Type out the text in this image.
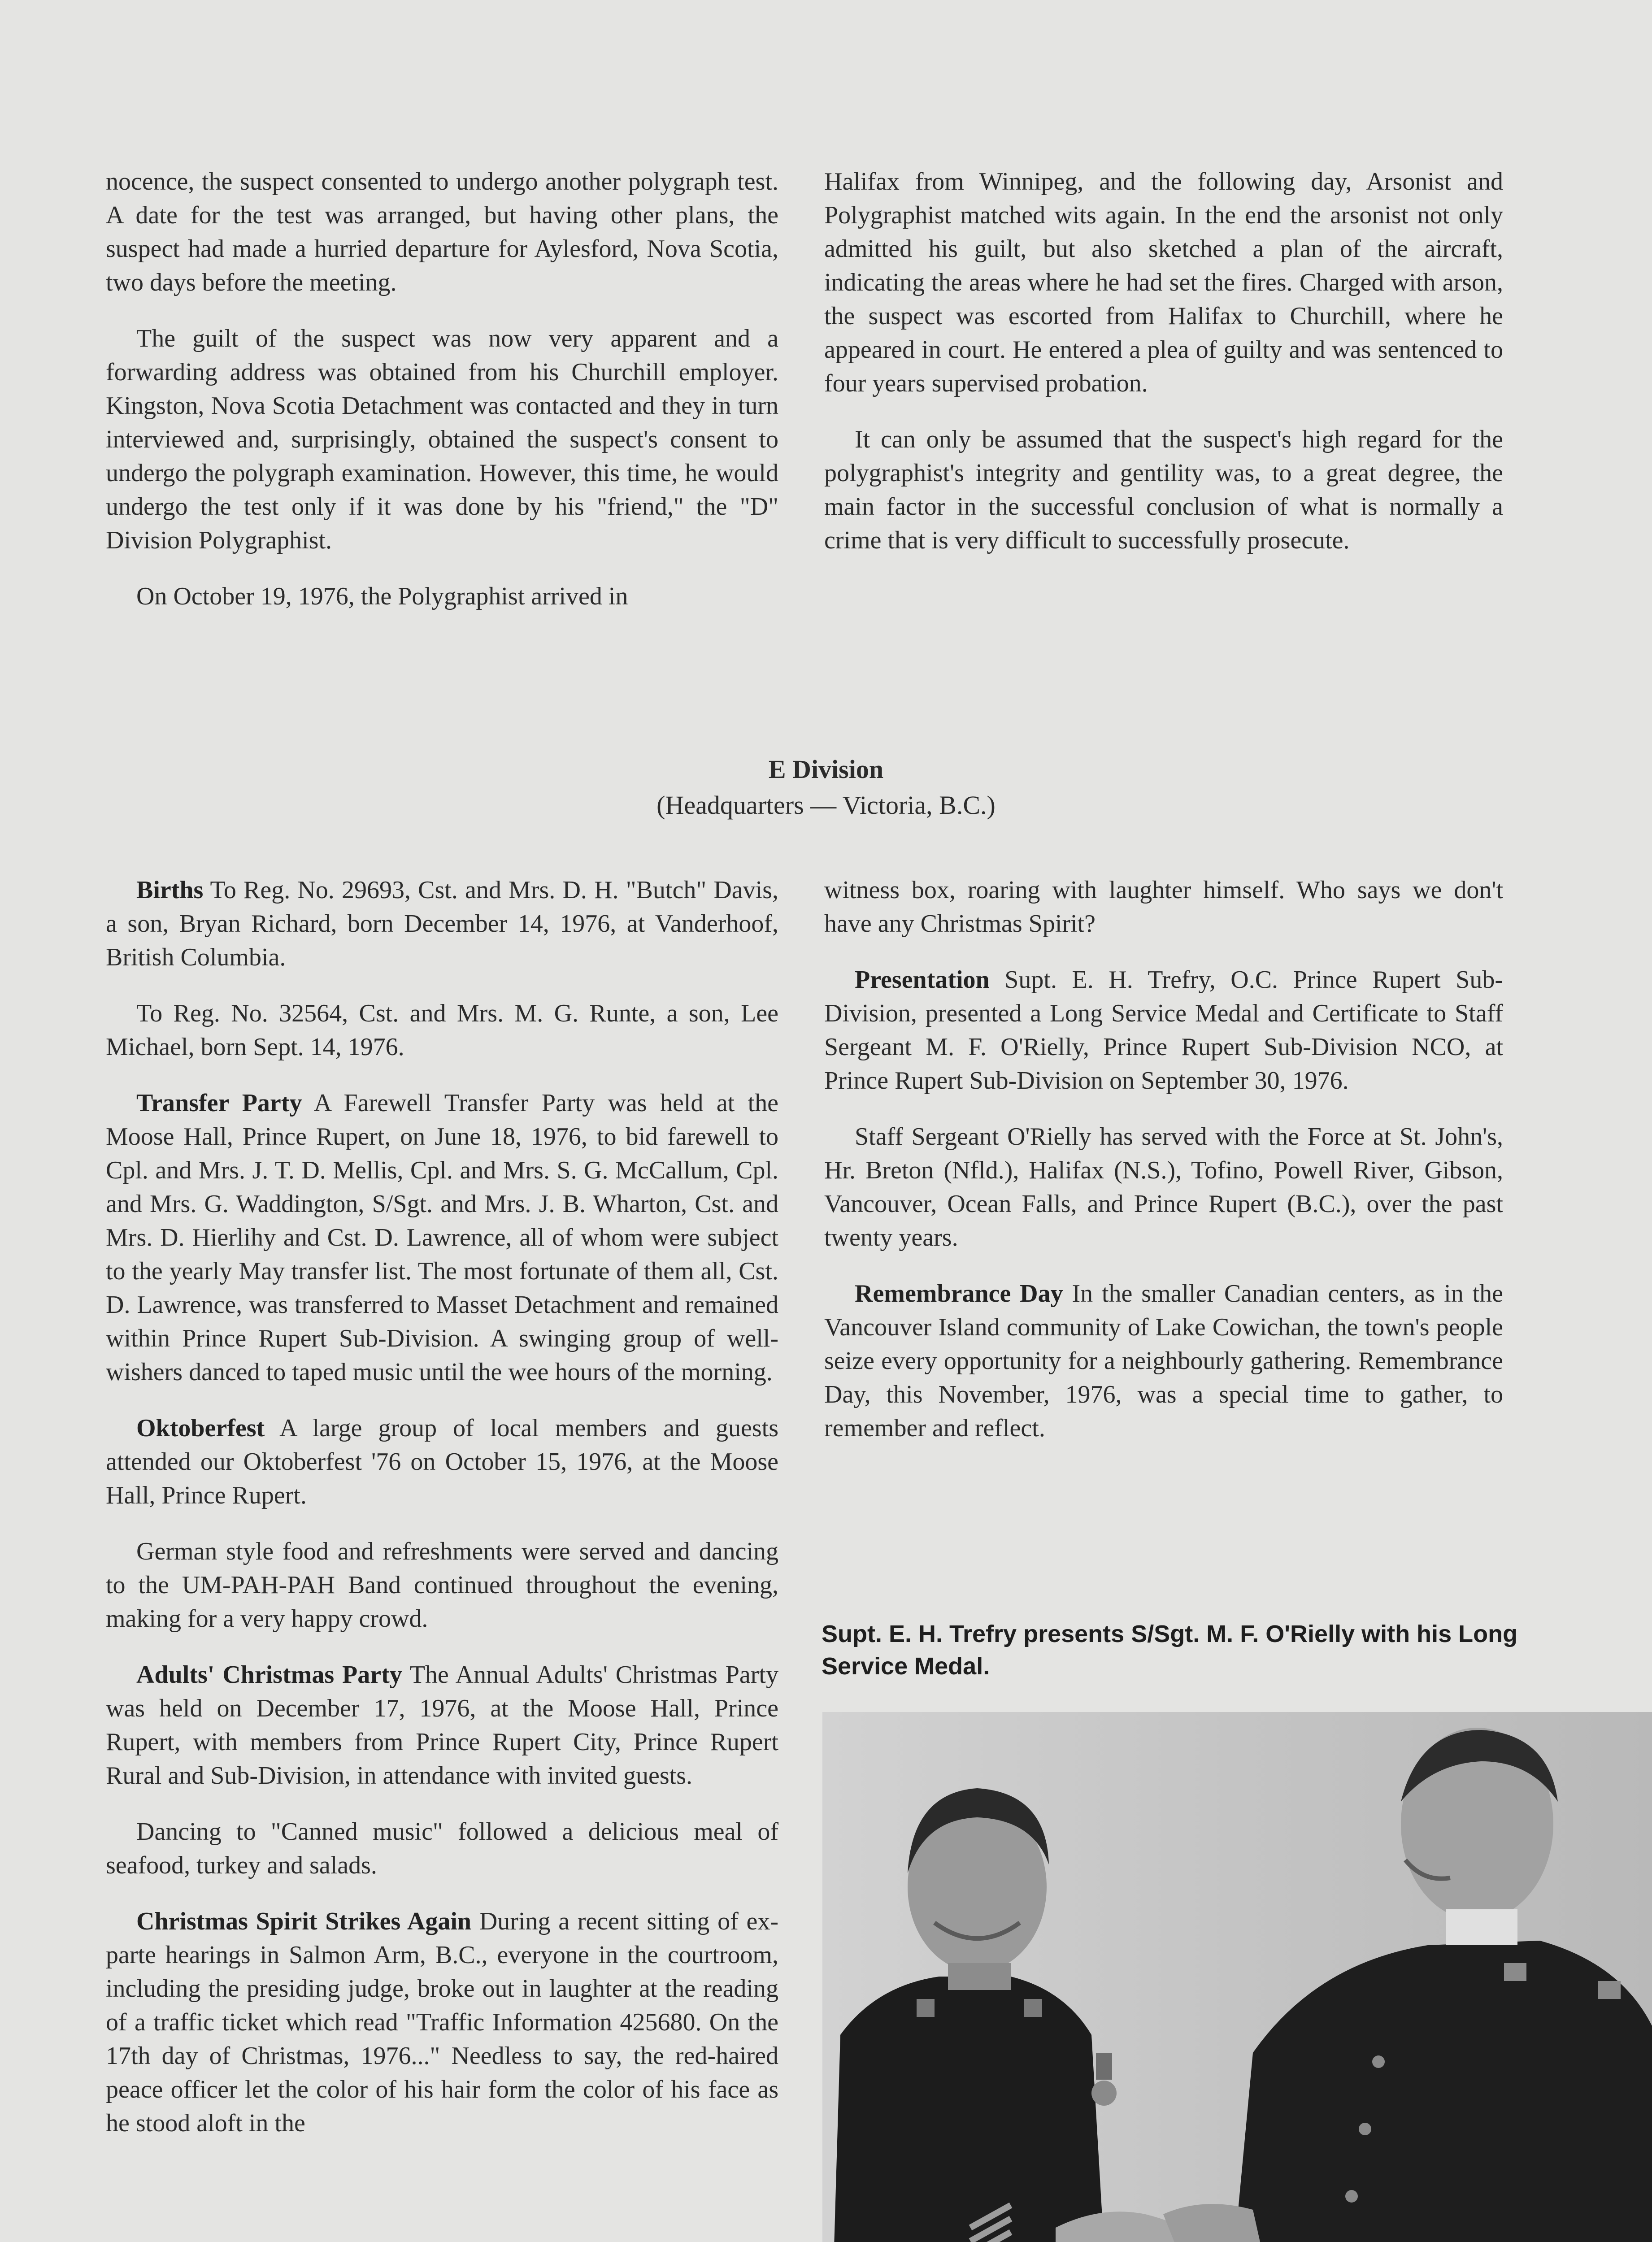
nocence, the suspect consented to undergo another polygraph test. A date for the test was arranged, but having other plans, the suspect had made a hurried departure for Aylesford, Nova Scotia, two days before the meeting.

The guilt of the suspect was now very apparent and a forwarding address was obtained from his Churchill employer. Kingston, Nova Scotia Detachment was contacted and they in turn interviewed and, surprisingly, obtained the suspect's consent to undergo the polygraph examination. However, this time, he would undergo the test only if it was done by his "friend," the "D" Division Polygraphist.

On October 19, 1976, the Polygraphist arrived in

Halifax from Winnipeg, and the following day, Arsonist and Polygraphist matched wits again. In the end the arsonist not only admitted his guilt, but also sketched a plan of the aircraft, indicating the areas where he had set the fires. Charged with arson, the suspect was escorted from Halifax to Churchill, where he appeared in court. He entered a plea of guilty and was sentenced to four years supervised probation.

It can only be assumed that the suspect's high regard for the polygraphist's integrity and gentility was, to a great degree, the main factor in the successful conclusion of what is normally a crime that is very difficult to successfully prosecute.

E Division
(Headquarters — Victoria, B.C.)

Births To Reg. No. 29693, Cst. and Mrs. D. H. "Butch" Davis, a son, Bryan Richard, born December 14, 1976, at Vanderhoof, British Columbia.

To Reg. No. 32564, Cst. and Mrs. M. G. Runte, a son, Lee Michael, born Sept. 14, 1976.

Transfer Party A Farewell Transfer Party was held at the Moose Hall, Prince Rupert, on June 18, 1976, to bid farewell to Cpl. and Mrs. J. T. D. Mellis, Cpl. and Mrs. S. G. McCallum, Cpl. and Mrs. G. Waddington, S/Sgt. and Mrs. J. B. Wharton, Cst. and Mrs. D. Hierlihy and Cst. D. Lawrence, all of whom were subject to the yearly May transfer list. The most fortunate of them all, Cst. D. Lawrence, was transferred to Masset Detachment and remained within Prince Rupert Sub-Division. A swinging group of well-wishers danced to taped music until the wee hours of the morning.

Oktoberfest A large group of local members and guests attended our Oktoberfest '76 on October 15, 1976, at the Moose Hall, Prince Rupert.

German style food and refreshments were served and dancing to the UM-PAH-PAH Band continued throughout the evening, making for a very happy crowd.

Adults' Christmas Party The Annual Adults' Christmas Party was held on December 17, 1976, at the Moose Hall, Prince Rupert, with members from Prince Rupert City, Prince Rupert Rural and Sub-Division, in attendance with invited guests.

Dancing to "Canned music" followed a delicious meal of seafood, turkey and salads.

Christmas Spirit Strikes Again During a recent sitting of ex-parte hearings in Salmon Arm, B.C., everyone in the courtroom, including the presiding judge, broke out in laughter at the reading of a traffic ticket which read "Traffic Information 425680. On the 17th day of Christmas, 1976..." Needless to say, the red-haired peace officer let the color of his hair form the color of his face as he stood aloft in the

witness box, roaring with laughter himself. Who says we don't have any Christmas Spirit?

Presentation Supt. E. H. Trefry, O.C. Prince Rupert Sub-Division, presented a Long Service Medal and Certificate to Staff Sergeant M. F. O'Rielly, Prince Rupert Sub-Division NCO, at Prince Rupert Sub-Division on September 30, 1976.

Staff Sergeant O'Rielly has served with the Force at St. John's, Hr. Breton (Nfld.), Halifax (N.S.), Tofino, Powell River, Gibson, Vancouver, Ocean Falls, and Prince Rupert (B.C.), over the past twenty years.

Remembrance Day In the smaller Canadian centers, as in the Vancouver Island community of Lake Cowichan, the town's people seize every opportunity for a neighbourly gathering. Remembrance Day, this November, 1976, was a special time to gather, to remember and reflect.

Supt. E. H. Trefry presents S/Sgt. M. F. O'Rielly with his Long Service Medal.
